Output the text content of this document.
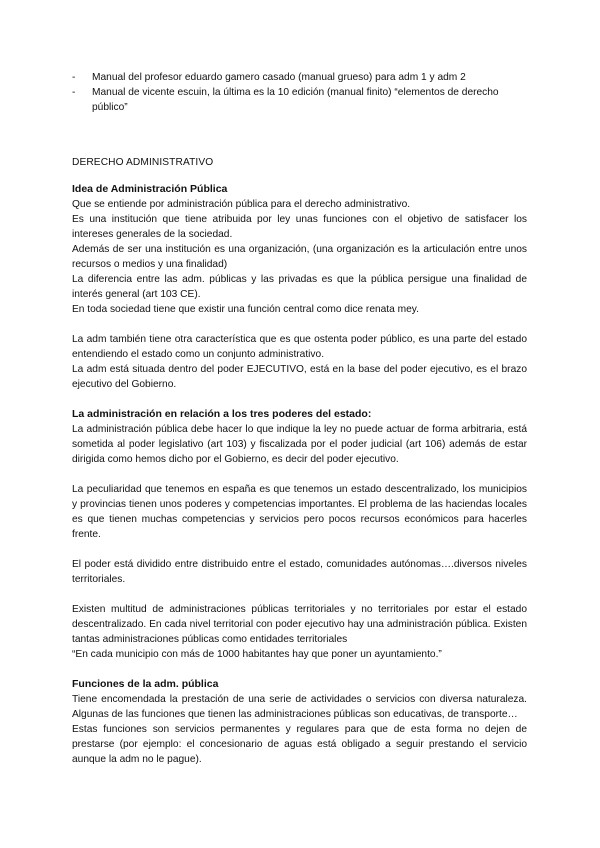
-	Manual del profesor eduardo gamero casado (manual grueso) para adm 1 y adm 2
-	Manual de vicente escuin, la última es la 10 edición (manual finito) “elementos de derecho público”
DERECHO ADMINISTRATIVO
Idea de Administración Pública

Que se entiende por administración pública para el derecho administrativo.

Es una institución que tiene atribuida por ley unas funciones con el objetivo de satisfacer los intereses generales de la sociedad.

Además de ser una institución es una organización, (una organización es la articulación entre unos recursos o medios y una finalidad)

La diferencia entre las adm. públicas y las privadas es que la pública persigue una finalidad de interés general (art 103 CE).

En toda sociedad tiene que existir una función central como dice renata mey.

La adm también tiene otra característica que es que ostenta poder público, es una parte del estado entendiendo el estado como un conjunto administrativo.

La adm está situada dentro del poder EJECUTIVO, está en la base del poder ejecutivo, es el brazo ejecutivo del Gobierno.

La administración en relación a los tres poderes del estado:

La administración pública debe hacer lo que indique la ley no puede actuar de forma arbitraria, está sometida al poder legislativo (art 103) y fiscalizada por el poder judicial (art 106) además de estar dirigida como hemos dicho por el Gobierno, es decir del poder ejecutivo.

La peculiaridad que tenemos en españa es que tenemos un estado descentralizado, los municipios y provincias tienen unos poderes y competencias importantes. El problema de las haciendas locales es que tienen muchas competencias y servicios pero pocos recursos económicos para hacerles frente.

El poder está dividido entre distribuido entre el estado, comunidades autónomas….diversos niveles territoriales.

Existen multitud de administraciones públicas territoriales y no territoriales por estar el estado descentralizado. En cada nivel territorial con poder ejecutivo hay una administración pública. Existen tantas administraciones públicas como entidades territoriales

“En cada municipio con más de 1000 habitantes hay que poner un ayuntamiento.”

Funciones de la adm. pública

Tiene encomendada la prestación de una serie de actividades o servicios con diversa naturaleza. Algunas de las funciones que tienen las administraciones públicas son educativas, de transporte…

Estas funciones son servicios permanentes y regulares para que de esta forma no dejen de prestarse (por ejemplo: el concesionario de aguas está obligado a seguir prestando el servicio aunque la adm no le pague).
